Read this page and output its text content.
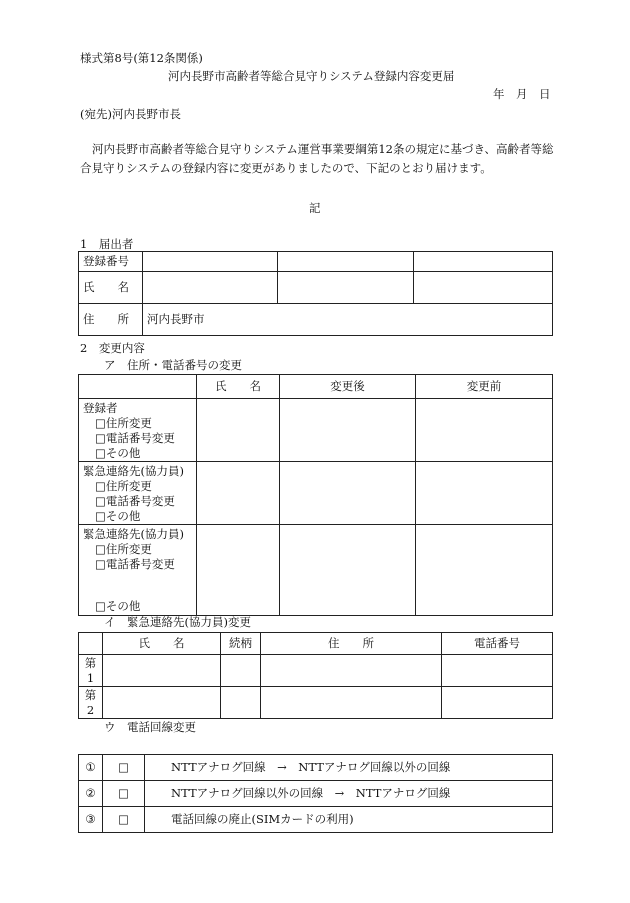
様式第8号(第12条関係)
河内長野市高齢者等総合見守りシステム登録内容変更届
年　月　日
(宛先)河内長野市長
河内長野市高齢者等総合見守りシステム運営事業要綱第12条の規定に基づき、高齢者等総
合見守りシステムの登録内容に変更がありましたので、下記のとおり届けます。
記
1　届出者
登録番号			
氏　　名			
住　　所	河内長野市		
2　変更内容
ア　住所・電話番号の変更
	氏　　名	変更後	変更前

登録者
□住所変更
□電話番号変更
□その他			

緊急連絡先(協力員)
□住所変更
□電話番号変更
□その他			

緊急連絡先(協力員)
□住所変更
□電話番号変更
□その他			

イ　緊急連絡先(協力員)変更
	氏　　名	続柄	住　　所	電話番号

第
1				

第
2				

ウ　電話回線変更
①	□	NTTアナログ回線　→　NTTアナログ回線以外の回線
②	□	NTTアナログ回線以外の回線　→　NTTアナログ回線
③	□	電話回線の廃止(SIMカードの利用)
